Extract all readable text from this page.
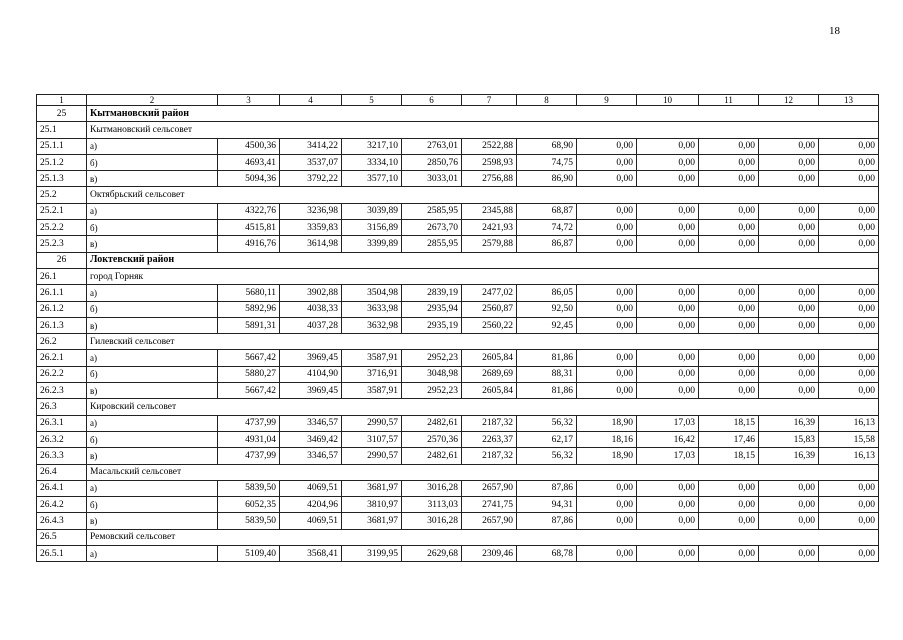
18
1	2	3	4	5	6	7	8	9	10	11	12	13
25	Кытмановский район											
25.1	Кытмановский сельсовет											
25.1.1	а)	4500,36	3414,22	3217,10	2763,01	2522,88	68,90	0,00	0,00	0,00	0,00	0,00
25.1.2	б)	4693,41	3537,07	3334,10	2850,76	2598,93	74,75	0,00	0,00	0,00	0,00	0,00
25.1.3	в)	5094,36	3792,22	3577,10	3033,01	2756,88	86,90	0,00	0,00	0,00	0,00	0,00
25.2	Октябрьский сельсовет											
25.2.1	а)	4322,76	3236,98	3039,89	2585,95	2345,88	68,87	0,00	0,00	0,00	0,00	0,00
25.2.2	б)	4515,81	3359,83	3156,89	2673,70	2421,93	74,72	0,00	0,00	0,00	0,00	0,00
25.2.3	в)	4916,76	3614,98	3399,89	2855,95	2579,88	86,87	0,00	0,00	0,00	0,00	0,00
26	Локтевский район											
26.1	город Горняк											
26.1.1	а)	5680,11	3902,88	3504,98	2839,19	2477,02	86,05	0,00	0,00	0,00	0,00	0,00
26.1.2	б)	5892,96	4038,33	3633,98	2935,94	2560,87	92,50	0,00	0,00	0,00	0,00	0,00
26.1.3	в)	5891,31	4037,28	3632,98	2935,19	2560,22	92,45	0,00	0,00	0,00	0,00	0,00
26.2	Гилевский сельсовет											
26.2.1	а)	5667,42	3969,45	3587,91	2952,23	2605,84	81,86	0,00	0,00	0,00	0,00	0,00
26.2.2	б)	5880,27	4104,90	3716,91	3048,98	2689,69	88,31	0,00	0,00	0,00	0,00	0,00
26.2.3	в)	5667,42	3969,45	3587,91	2952,23	2605,84	81,86	0,00	0,00	0,00	0,00	0,00
26.3	Кировский сельсовет											
26.3.1	а)	4737,99	3346,57	2990,57	2482,61	2187,32	56,32	18,90	17,03	18,15	16,39	16,13
26.3.2	б)	4931,04	3469,42	3107,57	2570,36	2263,37	62,17	18,16	16,42	17,46	15,83	15,58
26.3.3	в)	4737,99	3346,57	2990,57	2482,61	2187,32	56,32	18,90	17,03	18,15	16,39	16,13
26.4	Масальский сельсовет											
26.4.1	а)	5839,50	4069,51	3681,97	3016,28	2657,90	87,86	0,00	0,00	0,00	0,00	0,00
26.4.2	б)	6052,35	4204,96	3810,97	3113,03	2741,75	94,31	0,00	0,00	0,00	0,00	0,00
26.4.3	в)	5839,50	4069,51	3681,97	3016,28	2657,90	87,86	0,00	0,00	0,00	0,00	0,00
26.5	Ремовский сельсовет											
26.5.1	а)	5109,40	3568,41	3199,95	2629,68	2309,46	68,78	0,00	0,00	0,00	0,00	0,00
